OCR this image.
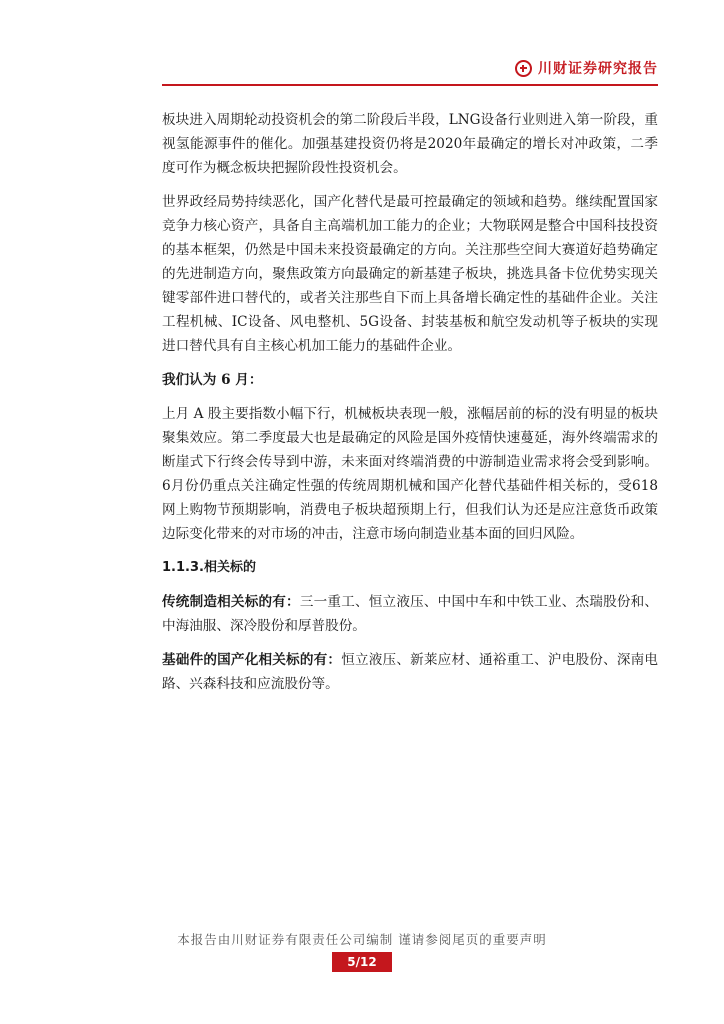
川财证券研究报告

板块进入周期轮动投资机会的第二阶段后半段，LNG设备行业则进入第一阶段，重视氢能源事件的催化。加强基建投资仍将是2020年最确定的增长对冲政策，二季度可作为概念板块把握阶段性投资机会。

世界政经局势持续恶化，国产化替代是最可控最确定的领域和趋势。继续配置国家竞争力核心资产，具备自主高端机加工能力的企业；大物联网是整合中国科技投资的基本框架，仍然是中国未来投资最确定的方向。关注那些空间大赛道好趋势确定的先进制造方向，聚焦政策方向最确定的新基建子板块，挑选具备卡位优势实现关键零部件进口替代的，或者关注那些自下而上具备增长确定性的基础件企业。关注工程机械、IC设备、风电整机、5G设备、封装基板和航空发动机等子板块的实现进口替代具有自主核心机加工能力的基础件企业。

我们认为 6 月：

上月 A 股主要指数小幅下行，机械板块表现一般，涨幅居前的标的没有明显的板块聚集效应。第二季度最大也是最确定的风险是国外疫情快速蔓延，海外终端需求的断崖式下行终会传导到中游，未来面对终端消费的中游制造业需求将会受到影响。6月份仍重点关注确定性强的传统周期机械和国产化替代基础件相关标的，受618网上购物节预期影响，消费电子板块超预期上行，但我们认为还是应注意货币政策边际变化带来的对市场的冲击，注意市场向制造业基本面的回归风险。

1.1.3.相关标的

传统制造相关标的有：三一重工、恒立液压、中国中车和中铁工业、杰瑞股份和、中海油服、深冷股份和厚普股份。

基础件的国产化相关标的有：恒立液压、新莱应材、通裕重工、沪电股份、深南电路、兴森科技和应流股份等。

本报告由川财证券有限责任公司编制 谨请参阅尾页的重要声明
5/12
